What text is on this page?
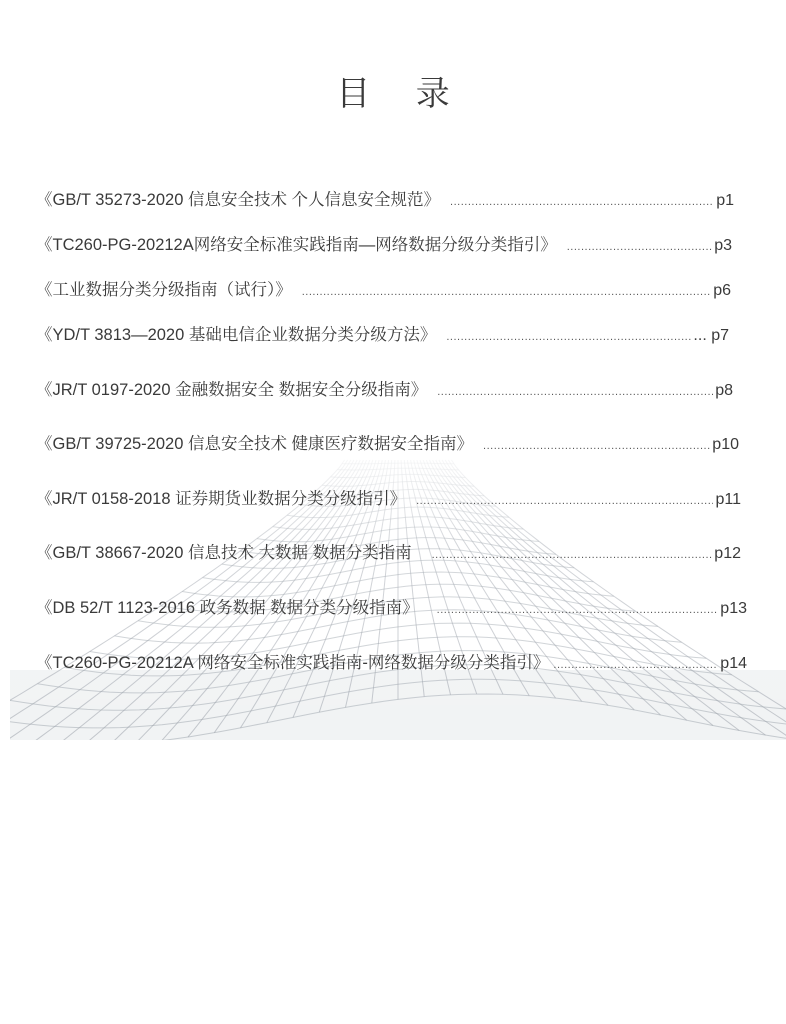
目 录
《GB/T 35273-2020 信息安全技术 个人信息安全规范》 .....	p1
《TC260-PG-20212A网络安全标准实践指南—网络数据分级分类指引》 .....	p3
《工业数据分类分级指南（试行）》 .....	p6
《YD/T 3813—2020 基础电信企业数据分类分级方法》 .....	... p7
《JR/T 0197-2020 金融数据安全 数据安全分级指南》 .....	p8
《GB/T 39725-2020 信息安全技术 健康医疗数据安全指南》 .....	p10
《JR/T 0158-2018 证券期货业数据分类分级指引》 .....	p11
《GB/T 38667-2020 信息技术 大数据 数据分类指南 .....	p12
《DB 52/T 1123-2016 政务数据 数据分类分级指南》 .....	p13
《TC260-PG-20212A 网络安全标准实践指南-网络数据分级分类指引》 .....	p14
